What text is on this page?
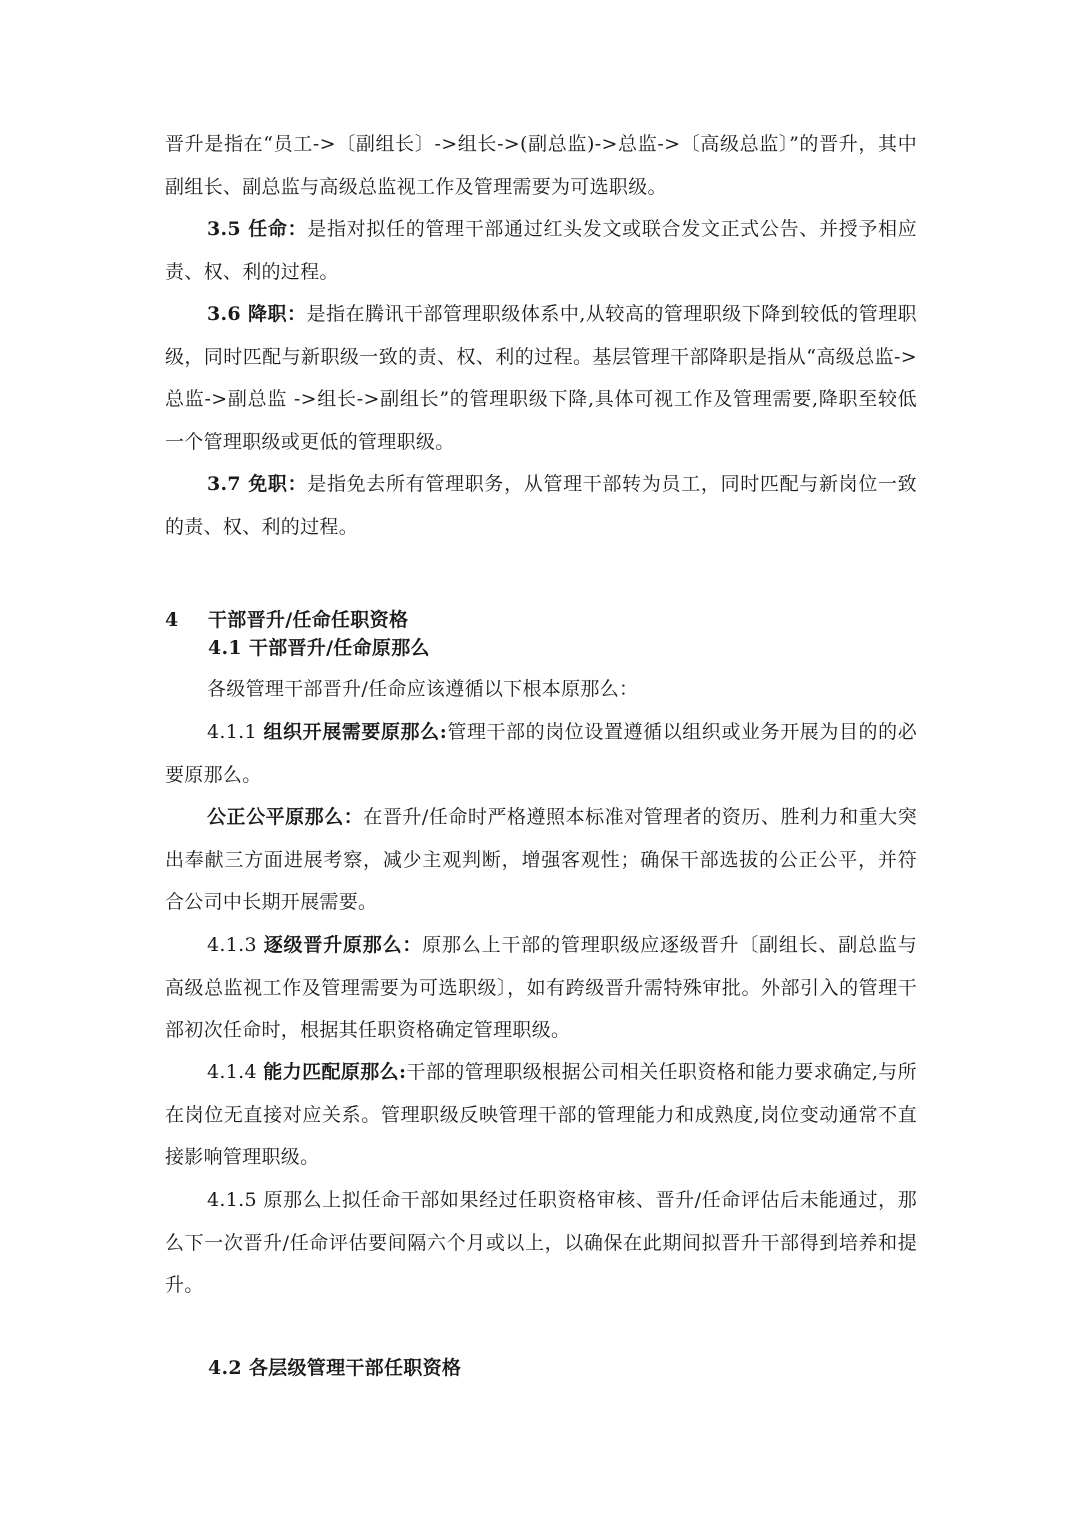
晋升是指在“员工->〔副组长〕->组长->(副总监)->总监->〔高级总监〕”的晋升，其中副组长、副总监与高级总监视工作及管理需要为可选职级。

3.5 任命：是指对拟任的管理干部通过红头发文或联合发文正式公告、并授予相应责、权、利的过程。

3.6 降职：是指在腾讯干部管理职级体系中,从较高的管理职级下降到较低的管理职级，同时匹配与新职级一致的责、权、利的过程。基层管理干部降职是指从“高级总监->总监->副总监 ->组长->副组长”的管理职级下降,具体可视工作及管理需要,降职至较低一个管理职级或更低的管理职级。

3.7 免职：是指免去所有管理职务，从管理干部转为员工，同时匹配与新岗位一致的责、权、利的过程。

4 干部晋升/任命任职资格
4.1 干部晋升/任命原那么

各级管理干部晋升/任命应该遵循以下根本原那么：

4.1.1 组织开展需要原那么:管理干部的岗位设置遵循以组织或业务开展为目的的必要原那么。

公正公平原那么：在晋升/任命时严格遵照本标准对管理者的资历、胜利力和重大突出奉献三方面进展考察，减少主观判断，增强客观性；确保干部选拔的公正公平，并符合公司中长期开展需要。

4.1.3 逐级晋升原那么：原那么上干部的管理职级应逐级晋升〔副组长、副总监与高级总监视工作及管理需要为可选职级〕，如有跨级晋升需特殊审批。外部引入的管理干部初次任命时，根据其任职资格确定管理职级。

4.1.4 能力匹配原那么:干部的管理职级根据公司相关任职资格和能力要求确定,与所在岗位无直接对应关系。管理职级反映管理干部的管理能力和成熟度,岗位变动通常不直接影响管理职级。

4.1.5 原那么上拟任命干部如果经过任职资格审核、晋升/任命评估后未能通过，那么下一次晋升/任命评估要间隔六个月或以上，以确保在此期间拟晋升干部得到培养和提升。

4.2 各层级管理干部任职资格
